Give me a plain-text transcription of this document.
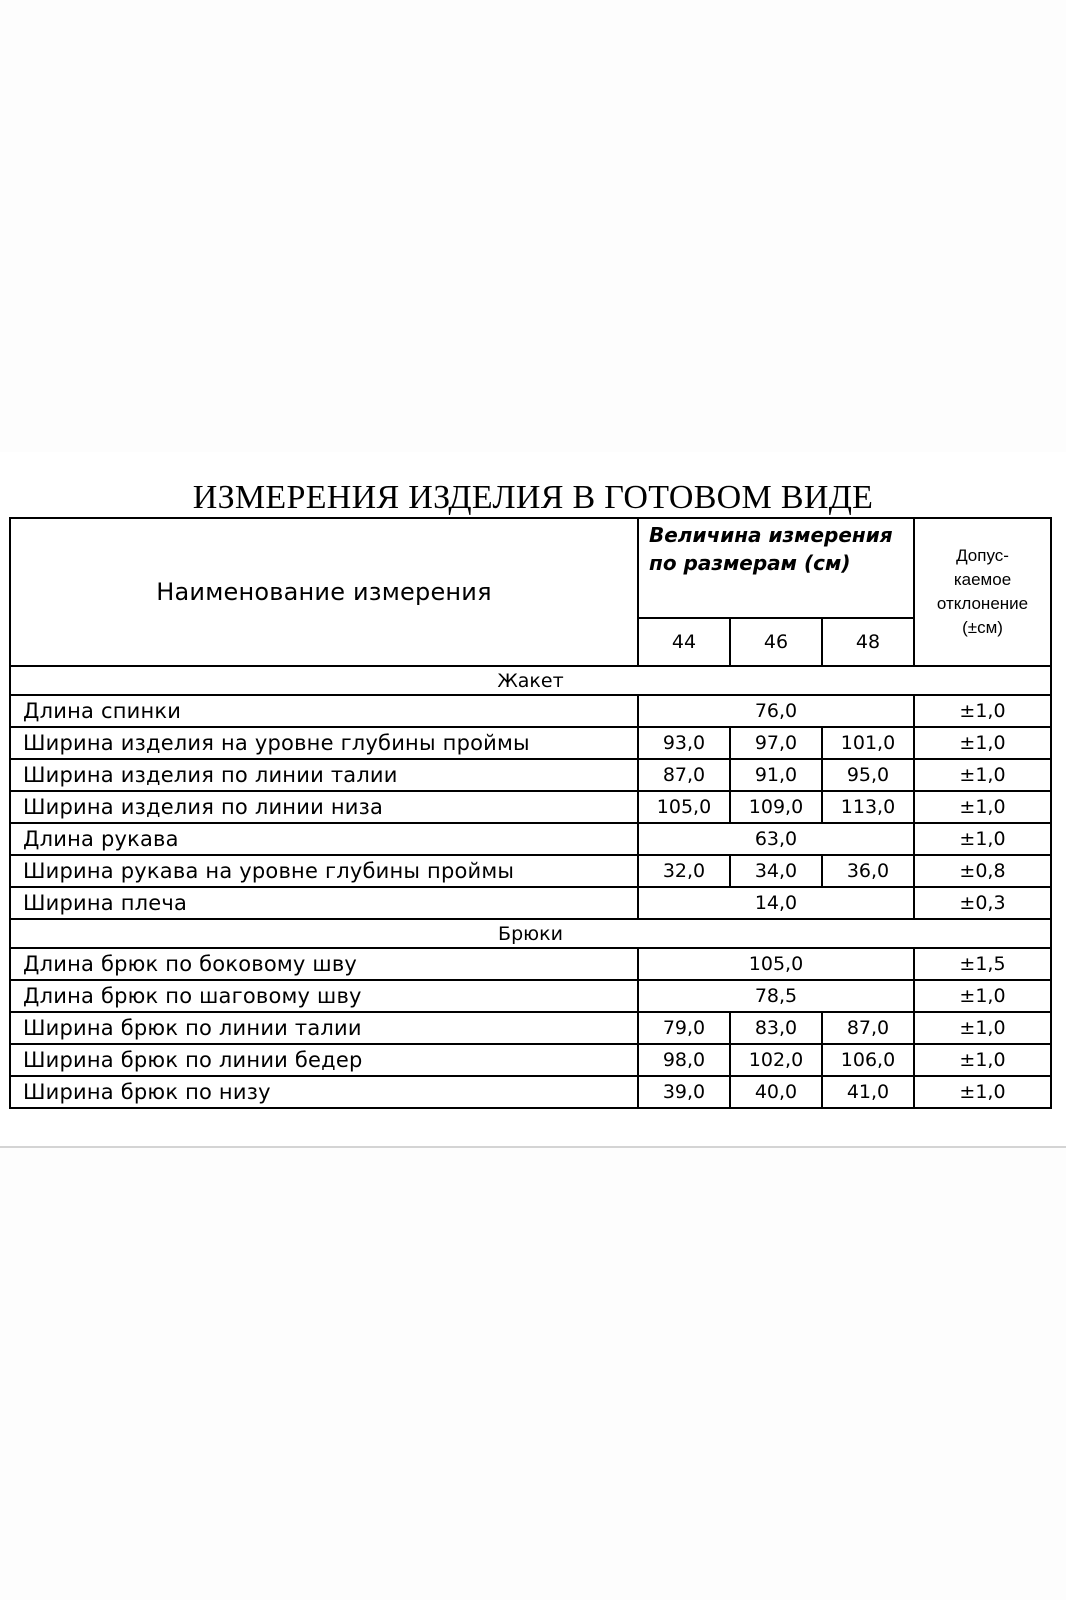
ИЗМЕРЕНИЯ ИЗДЕЛИЯ В ГОТОВОМ ВИДЕ
Наименование измерения	Величина измерения по размерам (см)			Допус-
каемое
отклонение
(±см)

	44	46	48	
Жакет				
Длина спинки	76,0			±1,0
Ширина изделия на уровне глубины проймы	93,0	97,0	101,0	±1,0
Ширина изделия по линии талии	87,0	91,0	95,0	±1,0
Ширина изделия по линии низа	105,0	109,0	113,0	±1,0
Длина рукава	63,0			±1,0
Ширина рукава на уровне глубины проймы	32,0	34,0	36,0	±0,8
Ширина плеча	14,0			±0,3
Брюки				
Длина брюк по боковому шву	105,0			±1,5
Длина брюк по шаговому шву	78,5			±1,0
Ширина брюк по линии талии	79,0	83,0	87,0	±1,0
Ширина брюк по линии бедер	98,0	102,0	106,0	±1,0
Ширина брюк по низу	39,0	40,0	41,0	±1,0
